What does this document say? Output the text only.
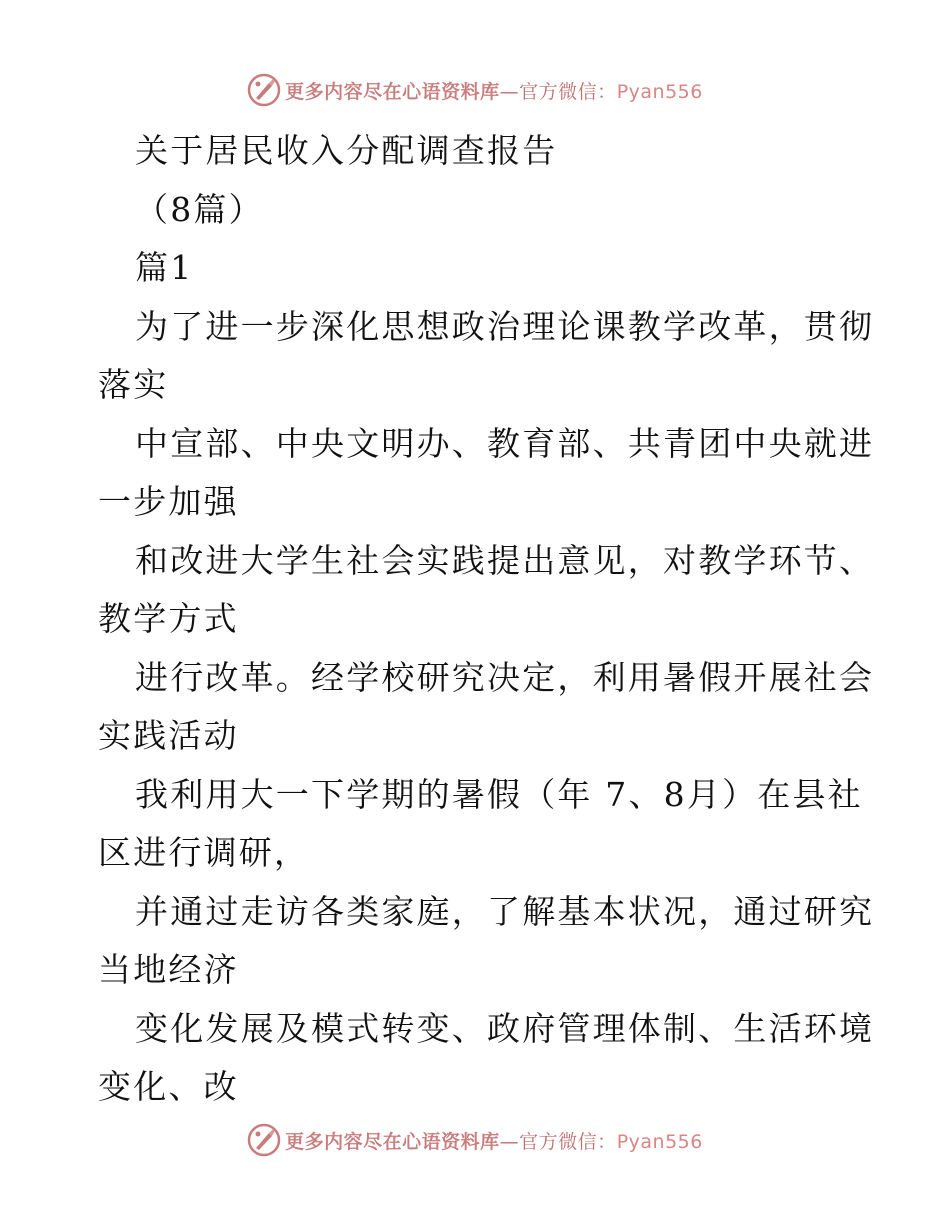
更多内容尽在心语资料库—官方微信：Pyan556
关于居民收入分配调查报告
（8篇）
篇1
为了进一步深化思想政治理论课教学改革，贯彻
落实
中宣部、中央文明办、教育部、共青团中央就进
一步加强
和改进大学生社会实践提出意见，对教学环节、
教学方式
进行改革。经学校研究决定，利用暑假开展社会
实践活动
我利用大一下学期的暑假（年 7、8月）在县社
区进行调研，
并通过走访各类家庭，了解基本状况，通过研究
当地经济
变化发展及模式转变、政府管理体制、生活环境
变化、改
更多内容尽在心语资料库—官方微信：Pyan556
